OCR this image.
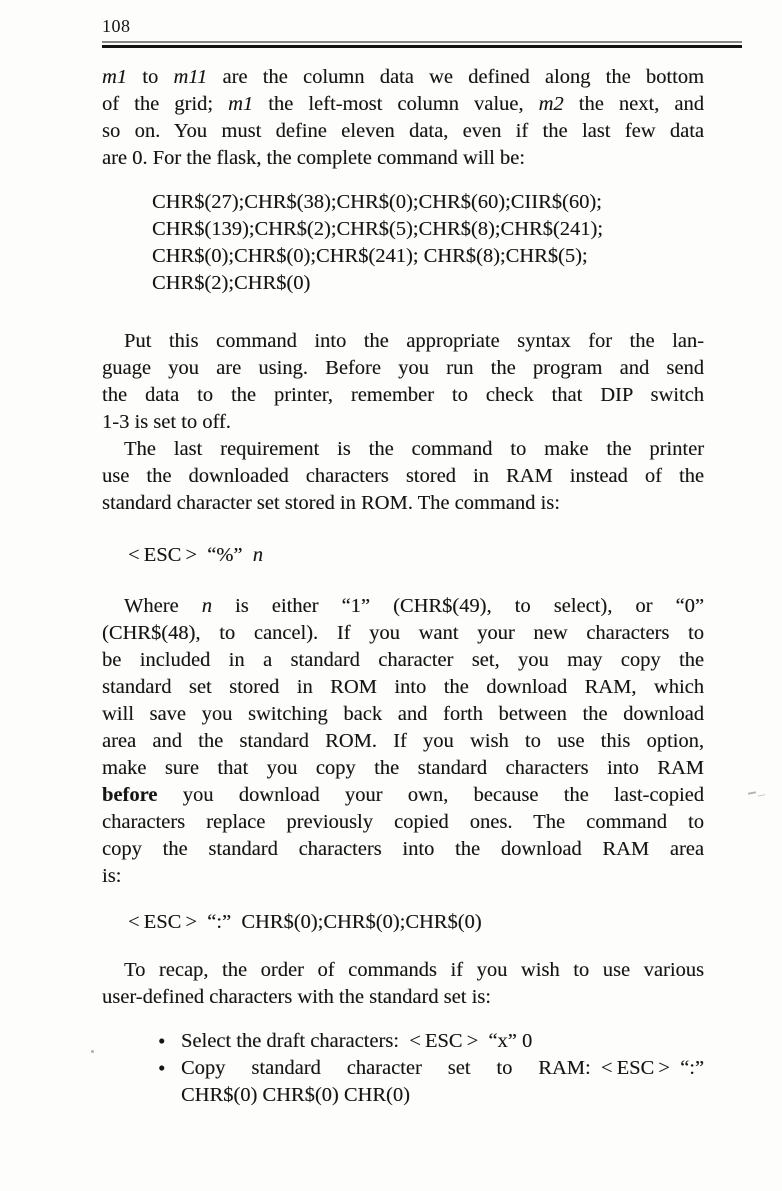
108
m1 to m11 are the column data we defined along the bottom
of the grid; m1 the left-most column value, m2 the next, and
so on. You must define eleven data, even if the last few data
are 0. For the flask, the complete command will be:
CHR$(27);CHR$(38);CHR$(0);CHR$(60);CIIR$(60);
CHR$(139);CHR$(2);CHR$(5);CHR$(8);CHR$(241);
CHR$(0);CHR$(0);CHR$(241); CHR$(8);CHR$(5);
CHR$(2);CHR$(0)
Put this command into the appropriate syntax for the lan-
guage you are using. Before you run the program and send
the data to the printer, remember to check that DIP switch
1-3 is set to off.
The last requirement is the command to make the printer
use the downloaded characters stored in RAM instead of the
standard character set stored in ROM. The command is:
< ESC > “%” n
Where n is either “1” (CHR$(49), to select), or “0”
(CHR$(48), to cancel). If you want your new characters to
be included in a standard character set, you may copy the
standard set stored in ROM into the download RAM, which
will save you switching back and forth between the download
area and the standard ROM. If you wish to use this option,
make sure that you copy the standard characters into RAM
before you download your own, because the last-copied
characters replace previously copied ones. The command to
copy the standard characters into the download RAM area
is:
< ESC > “:” CHR$(0);CHR$(0);CHR$(0)
To recap, the order of commands if you wish to use various
user-defined characters with the standard set is:
• Select the draft characters: < ESC > “x” 0
• Copy standard character set to RAM: < ESC > “:”
CHR$(0) CHR$(0) CHR(0)
